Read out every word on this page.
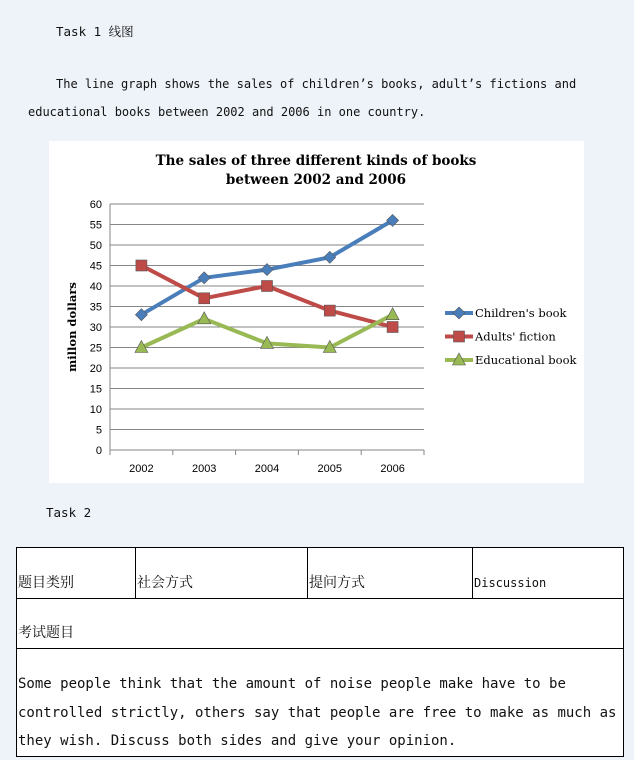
Task 1 线图
The line graph shows the sales of children’s books, adult’s fictions and
educational books between 2002 and 2006 in one country.
The sales of three different kinds of books
between 2002 and 2006
0
5
10
15
20
25
30
35
40
45
50
55
60
2002	2003	2004	2005	2006
millon dollars	Children's book
Adults' fiction
Educational book
Task 2
题目类别	社会方式	提问方式	Discussion
考试题目
Some people think that the amount of noise people make have to be
controlled strictly, others say that people are free to make as much as
they wish. Discuss both sides and give your opinion.
